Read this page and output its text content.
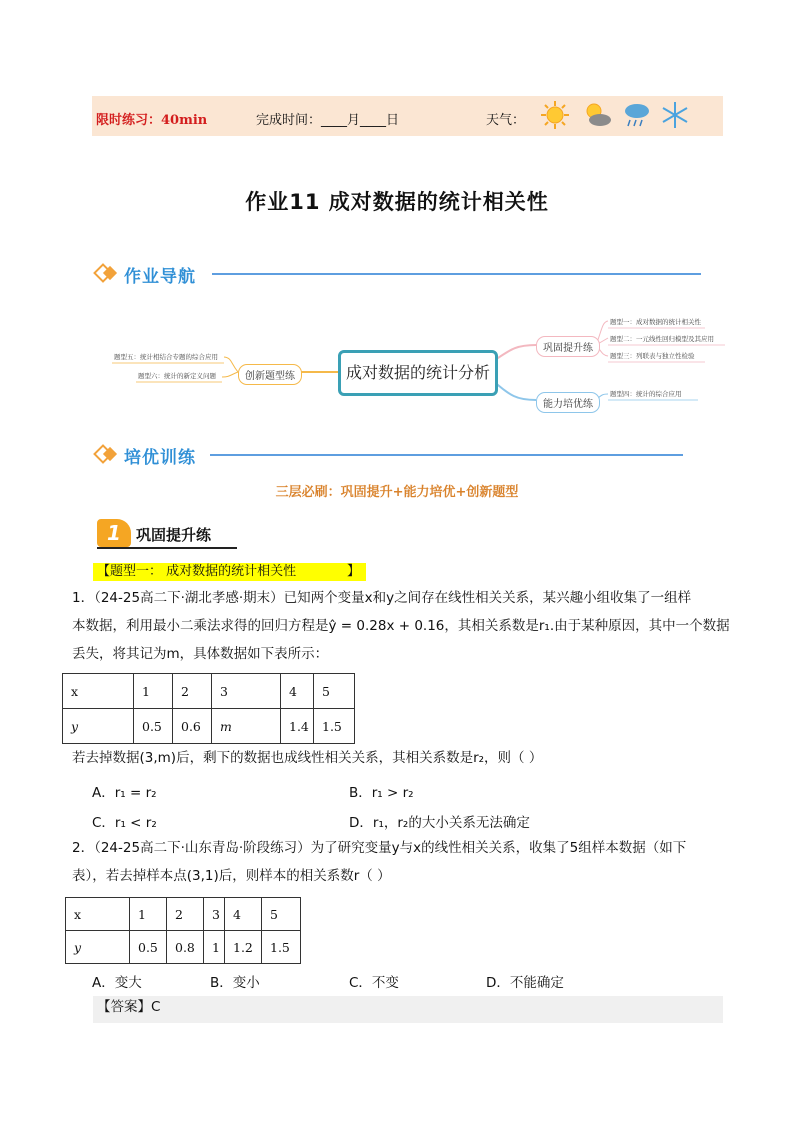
限时练习：40min	完成时间：____月____日	天气：
作业11 成对数据的统计相关性
作业导航
成对数据的统计分析
巩固提升练
能力培优练
创新题型练
题型一：成对数据的统计相关性
题型二：一元线性回归模型及其应用
题型三：列联表与独立性检验
题型四：统计的综合应用
题型五：统计相结合专题的综合应用
题型六：统计的新定义问题
培优训练
三层必刷：巩固提升+能力培优+创新题型
1	巩固提升练
【题型一： 成对数据的统计相关性	】
1．（24-25高二下·湖北孝感·期末）已知两个变量x和y之间存在线性相关关系，某兴趣小组收集了一组样
本数据，利用最小二乘法求得的回归方程是ŷ = 0.28x + 0.16，其相关系数是r₁.由于某种原因，其中一个数据
丢失，将其记为m，具体数据如下表所示：
x	1	2	3	4	5
y	0.5	0.6	m	1.4	1.5
若去掉数据(3,m)后，剩下的数据也成线性相关关系，其相关系数是r₂，则（ ）
A．r₁ = r₂	B．r₁ > r₂
C．r₁ < r₂	D．r₁，r₂的大小关系无法确定
2．（24-25高二下·山东青岛·阶段练习）为了研究变量y与x的线性相关关系，收集了5组样本数据（如下
表），若去掉样本点(3,1)后，则样本的相关系数r（ ）
x	1	2	3	4	5
y	0.5	0.8	1	1.2	1.5
A．变大	B．变小	C．不变	D．不能确定
【答案】C
